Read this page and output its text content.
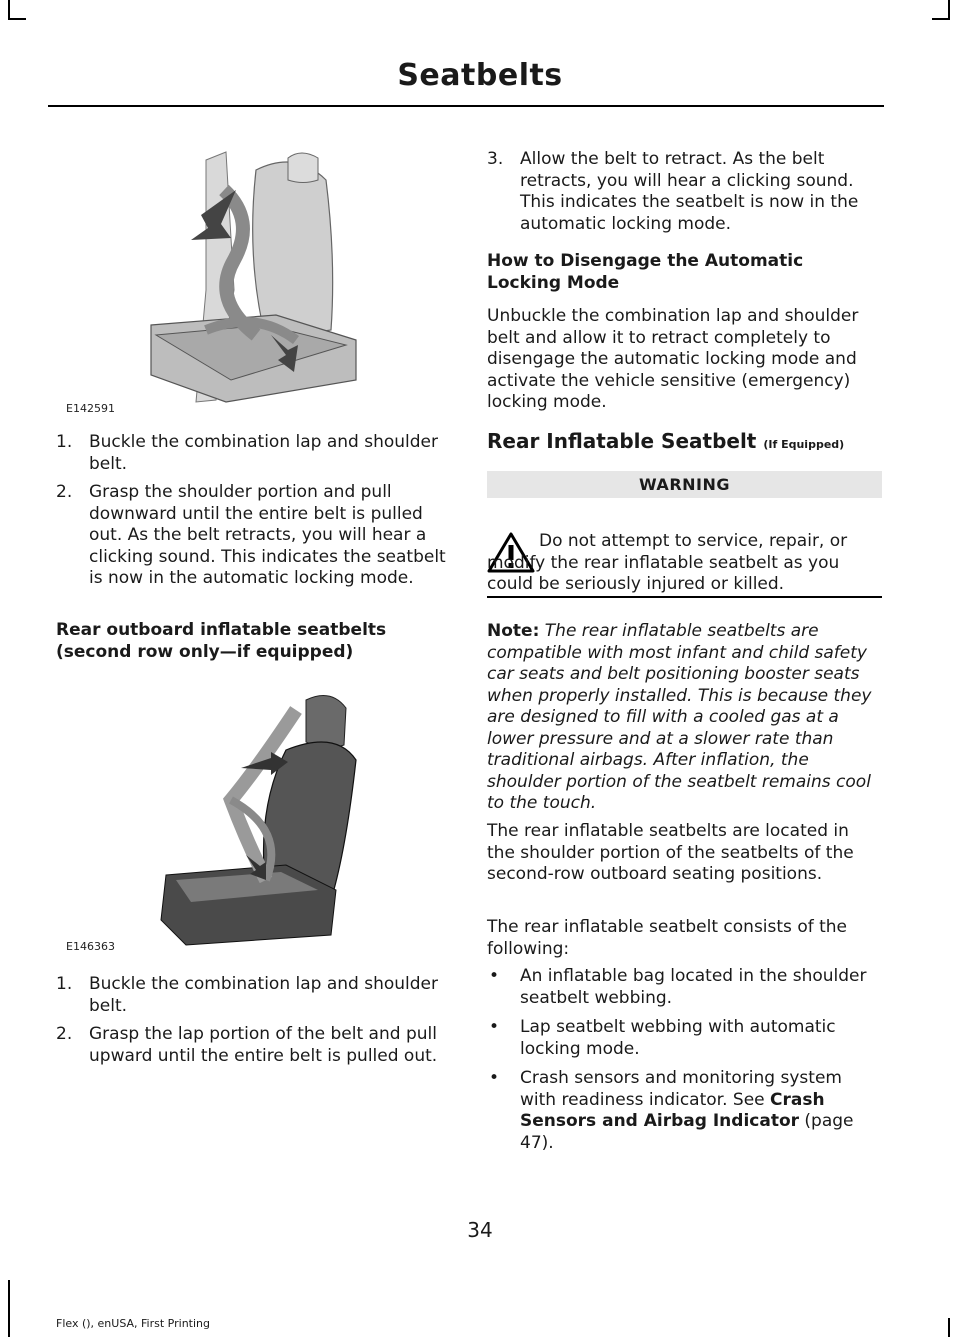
Seatbelts
E142591
1. Buckle the combination lap and shoulder belt.
2. Grasp the shoulder portion and pull downward until the entire belt is pulled out. As the belt retracts, you will hear a clicking sound. This indicates the seatbelt is now in the automatic locking mode.
Rear outboard inflatable seatbelts (second row only—if equipped)
E146363
1. Buckle the combination lap and shoulder belt.
2. Grasp the lap portion of the belt and pull upward until the entire belt is pulled out.
3. Allow the belt to retract. As the belt retracts, you will hear a clicking sound. This indicates the seatbelt is now in the automatic locking mode.
How to Disengage the Automatic Locking Mode

Unbuckle the combination lap and shoulder belt and allow it to retract completely to disengage the automatic locking mode and activate the vehicle sensitive (emergency) locking mode.

Rear Inflatable Seatbelt (If Equipped)
WARNING

Do not attempt to service, repair, or modify the rear inflatable seatbelt as you could be seriously injured or killed.

Note: The rear inflatable seatbelts are compatible with most infant and child safety car seats and belt positioning booster seats when properly installed. This is because they are designed to fill with a cooled gas at a lower pressure and at a slower rate than traditional airbags. After inflation, the shoulder portion of the seatbelt remains cool to the touch.

The rear inflatable seatbelts are located in the shoulder portion of the seatbelts of the second-row outboard seating positions.

The rear inflatable seatbelt consists of the following:

• An inflatable bag located in the shoulder seatbelt webbing.
• Lap seatbelt webbing with automatic locking mode.
• Crash sensors and monitoring system with readiness indicator. See Crash Sensors and Airbag Indicator (page 47).
34
Flex (), enUSA, First Printing
